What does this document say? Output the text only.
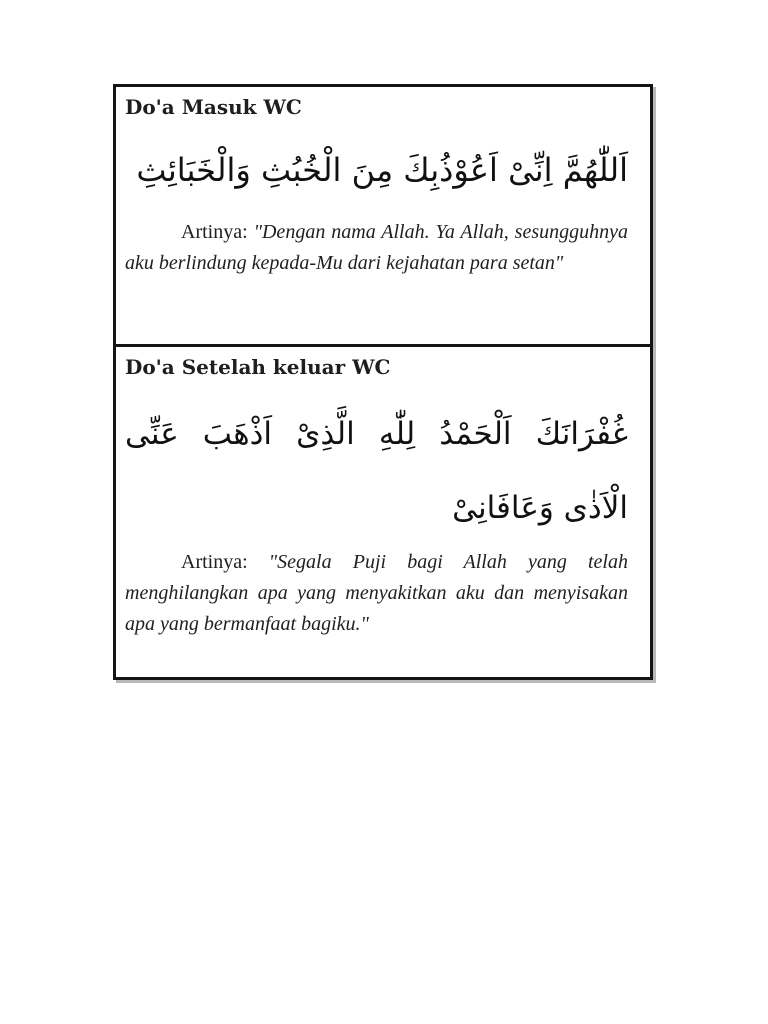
Do'a Masuk WC

اَللّٰهُمَّ اِنِّىْ اَعُوْذُبِكَ مِنَ الْخُبُثِ وَالْخَبَائِثِ

Artinya: "Dengan nama Allah. Ya Allah, sesungguhnya aku berlindung kepada-Mu dari kejahatan para setan"

Do'a Setelah keluar WC

غُفْرَانَكَ اَلْحَمْدُ لِلّٰهِ الَّذِىْ اَذْهَبَ عَنِّى الْاَذٰى وَعَافَانِىْ

Artinya: "Segala Puji bagi Allah yang telah menghilangkan apa yang menyakitkan aku dan menyisakan apa yang bermanfaat bagiku."
